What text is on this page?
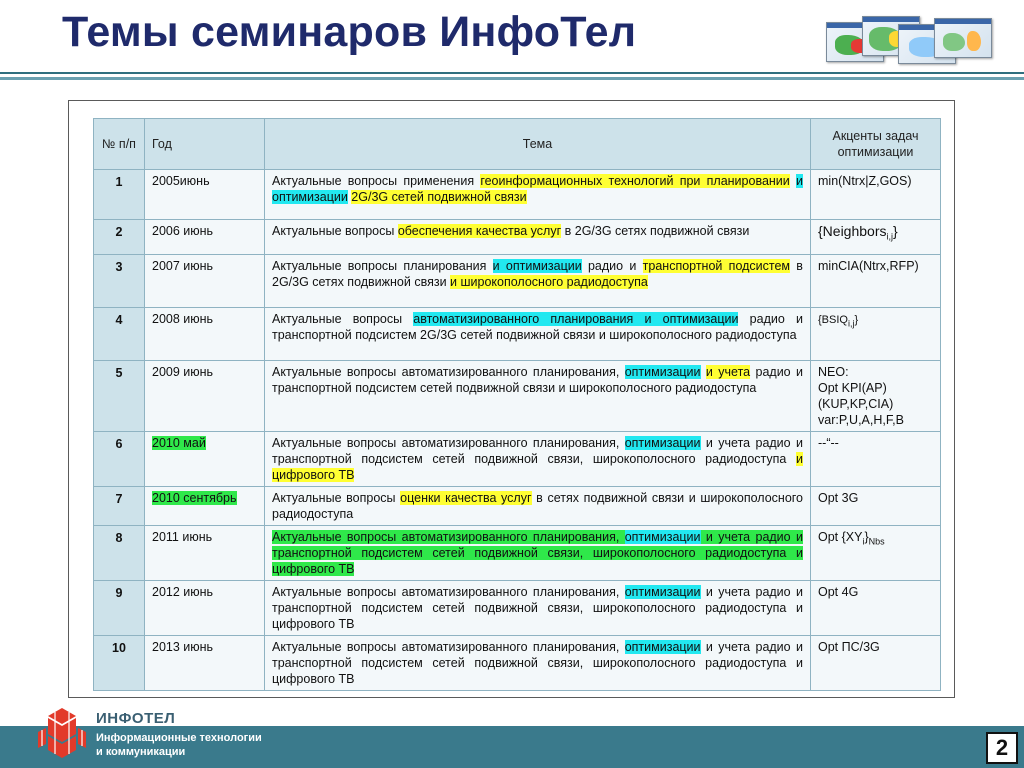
Темы семинаров ИнфоТел
№ п/п	Год	Тема	Акценты задач оптимизации
1	2005июнь	Актуальные вопросы применения геоинформационных технологий при планировании и оптимизации 2G/3G сетей подвижной связи	min(Ntrx|Z,GOS)
2	2006 июнь	Актуальные вопросы обеспечения качества услуг в 2G/3G сетях подвижной связи	{Neighbors$_{i,j}$}
3	2007 июнь	Актуальные вопросы планирования и оптимизации радио и транспортной подсистем в 2G/3G сетях подвижной связи и широкополосного радиодоступа	minCIA(Ntrx,RFP)
4	2008 июнь	Актуальные вопросы автоматизированного планирования и оптимизации радио и транспортной подсистем 2G/3G сетей подвижной связи и широкополосного радиодоступа	$\{BSIQ_{i,j}\}$
5	2009 июнь	Актуальные вопросы автоматизированного планирования, оптимизации и учета радио и транспортной подсистем сетей подвижной связи и широкополосного радиодоступа	NEO:
Opt KPI(AP)
(KUP,KP,CIA)
var:P,U,A,H,F,B

6	2010 май	Актуальные вопросы автоматизированного планирования, оптимизации и учета радио и транспортной подсистем сетей подвижной связи, широкополосного радиодоступа и цифрового ТВ	--“--
7	2010 сентябрь	Актуальные вопросы оценки качества услуг в сетях подвижной связи и широкополосного радиодоступа	Opt 3G
8	2011 июнь	Актуальные вопросы автоматизированного планирования, оптимизации и учета радио и транспортной подсистем сетей подвижной связи, широкополосного радиодоступа и цифрового ТВ	Opt $\{XY_i\}_{Nbs}$
9	2012 июнь	Актуальные вопросы автоматизированного планирования, оптимизации и учета радио и транспортной подсистем сетей подвижной связи, широкополосного радиодоступа и цифрового ТВ	Opt 4G
10	2013 июнь	Актуальные вопросы автоматизированного планирования, оптимизации и учета радио и транспортной подсистем сетей подвижной связи, широкополосного радиодоступа и цифрового ТВ	Opt ПС/3G
ИНФОТЕЛ
Информационные технологии
и коммуникации	2
